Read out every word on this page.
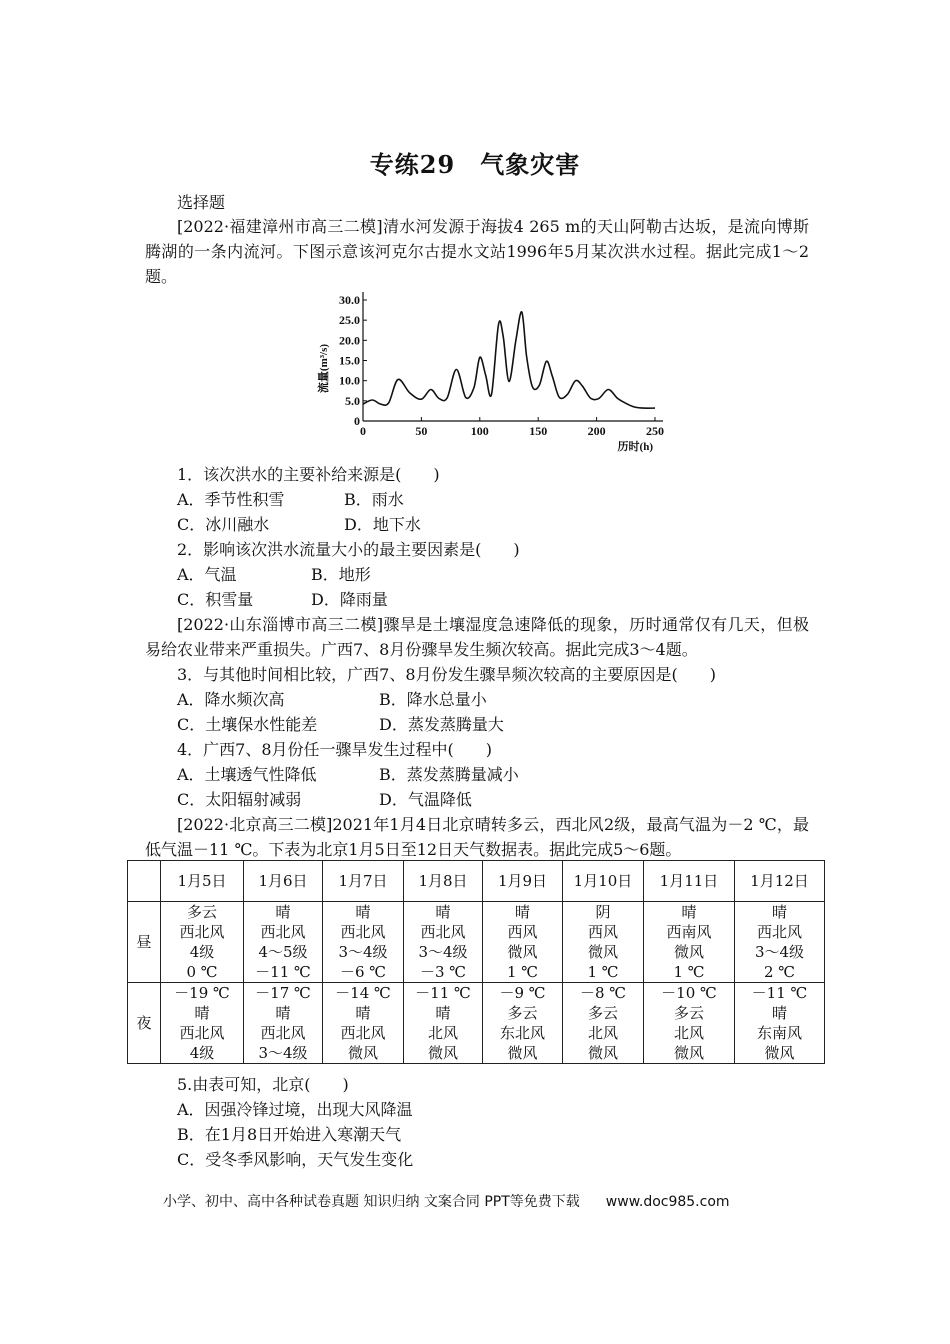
专练29　气象灾害
选择题

[2022·福建漳州市高三二模]清水河发源于海拔4 265 m的天山阿勒古达坂，是流向博斯腾湖的一条内流河。下图示意该河克尔古提水文站1996年5月某次洪水过程。据此完成1～2题。

30.0
25.0
20.0
15.0
10.0
5.0
0
0	50	100	150	200	250
历时(h)
流量(m³/s)
1．该次洪水的主要补给来源是(　　)
A．季节性积雪	B．雨水
C．冰川融水	D．地下水
2．影响该次洪水流量大小的最主要因素是(　　)
A．气温	B．地形
C．积雪量	D．降雨量

[2022·山东淄博市高三二模]骤旱是土壤湿度急速降低的现象，历时通常仅有几天，但极易给农业带来严重损失。广西7、8月份骤旱发生频次较高。据此完成3～4题。

3．与其他时间相比较，广西7、8月份发生骤旱频次较高的主要原因是(　　)
A．降水频次高	B．降水总量小
C．土壤保水性能差	D．蒸发蒸腾量大
4．广西7、8月份任一骤旱发生过程中(　　)
A．土壤透气性降低	B．蒸发蒸腾量减小
C．太阳辐射减弱	D．气温降低

[2022·北京高三二模]2021年1月4日北京晴转多云，西北风2级，最高气温为－2 ℃，最低气温－11 ℃。下表为北京1月5日至12日天气数据表。据此完成5～6题。

	1月5日	1月6日	1月7日	1月8日	1月9日	1月10日	1月11日	1月12日
昼	多云	晴	晴	晴	晴	阴	晴	晴
	西北风	西北风	西北风	西北风	西风	西风	西南风	西北风
	4级	4～5级	3～4级	3～4级	微风	微风	微风	3～4级
	0 ℃	－11 ℃	－6 ℃	－3 ℃	1 ℃	1 ℃	1 ℃	2 ℃
夜	－19 ℃	－17 ℃	－14 ℃	－11 ℃	－9 ℃	－8 ℃	－10 ℃	－11 ℃
	晴	晴	晴	晴	多云	多云	多云	晴
	西北风	西北风	西北风	北风	东北风	北风	北风	东南风
	4级	3～4级	微风	微风	微风	微风	微风	微风
5.由表可知，北京(　　)
A．因强冷锋过境，出现大风降温
B．在1月8日开始进入寒潮天气
C．受冬季风影响，天气发生变化
小学、初中、高中各种试卷真题 知识归纳 文案合同 PPT等免费下载 www.doc985.com
